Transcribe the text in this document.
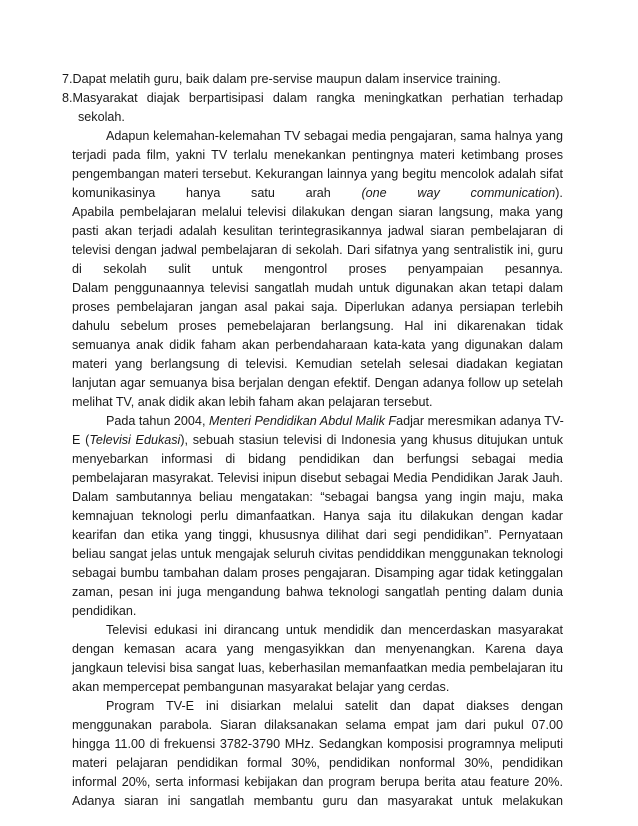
7.Dapat melatih guru, baik dalam pre-servise maupun dalam inservice training.
8.Masyarakat diajak berpartisipasi dalam rangka meningkatkan perhatian terhadap
sekolah.
Adapun kelemahan-kelemahan TV sebagai media pengajaran, sama halnya yang
terjadi pada film, yakni TV terlalu menekankan pentingnya materi ketimbang proses
pengembangan materi tersebut. Kekurangan lainnya yang begitu mencolok adalah sifat
komunikasinya hanya satu arah (one way communication).
Apabila pembelajaran melalui televisi dilakukan dengan siaran langsung, maka yang
pasti akan terjadi adalah kesulitan terintegrasikannya jadwal siaran pembelajaran di
televisi dengan jadwal pembelajaran di sekolah. Dari sifatnya yang sentralistik ini, guru
di sekolah sulit untuk mengontrol proses penyampaian pesannya.
Dalam penggunaannya televisi sangatlah mudah untuk digunakan akan tetapi dalam
proses pembelajaran jangan asal pakai saja. Diperlukan adanya persiapan terlebih
dahulu sebelum proses pemebelajaran berlangsung. Hal ini dikarenakan tidak
semuanya anak didik faham akan perbendaharaan kata-kata yang digunakan dalam
materi yang berlangsung di televisi. Kemudian setelah selesai diadakan kegiatan
lanjutan agar semuanya bisa berjalan dengan efektif. Dengan adanya follow up setelah
melihat TV, anak didik akan lebih faham akan pelajaran tersebut.
Pada tahun 2004, Menteri Pendidikan Abdul Malik Fadjar meresmikan adanya TV-
E (Televisi Edukasi), sebuah stasiun televisi di Indonesia yang khusus ditujukan untuk
menyebarkan informasi di bidang pendidikan dan berfungsi sebagai media
pembelajaran masyrakat. Televisi inipun disebut sebagai Media Pendidikan Jarak Jauh.
Dalam sambutannya beliau mengatakan: “sebagai bangsa yang ingin maju, maka
kemnajuan teknologi perlu dimanfaatkan. Hanya saja itu dilakukan dengan kadar
kearifan dan etika yang tinggi, khususnya dilihat dari segi pendidikan”. Pernyataan
beliau sangat jelas untuk mengajak seluruh civitas pendiddikan menggunakan teknologi
sebagai bumbu tambahan dalam proses pengajaran. Disamping agar tidak ketinggalan
zaman, pesan ini juga mengandung bahwa teknologi sangatlah penting dalam dunia
pendidikan.
Televisi edukasi ini dirancang untuk mendidik dan mencerdaskan masyarakat
dengan kemasan acara yang mengasyikkan dan menyenangkan. Karena daya
jangkaun televisi bisa sangat luas, keberhasilan memanfaatkan media pembelajaran itu
akan mempercepat pembangunan masyarakat belajar yang cerdas.
Program TV-E ini disiarkan melalui satelit dan dapat diakses dengan
menggunakan parabola. Siaran dilaksanakan selama empat jam dari pukul 07.00
hingga 11.00 di frekuensi 3782-3790 MHz. Sedangkan komposisi programnya meliputi
materi pelajaran pendidikan formal 30%, pendidikan nonformal 30%, pendidikan
informal 20%, serta informasi kebijakan dan program berupa berita atau feature 20%.
Adanya siaran ini sangatlah membantu guru dan masyarakat untuk melakukan
